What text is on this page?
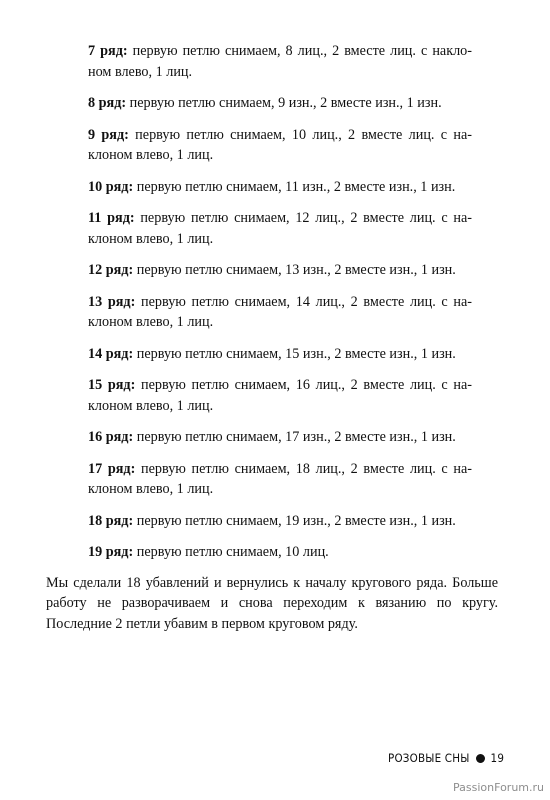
7 ряд: первую петлю снимаем, 8 лиц., 2 вместе лиц. с наклоном влево, 1 лиц.
8 ряд: первую петлю снимаем, 9 изн., 2 вместе изн., 1 изн.
9 ряд: первую петлю снимаем, 10 лиц., 2 вместе лиц. с наклоном влево, 1 лиц.
10 ряд: первую петлю снимаем, 11 изн., 2 вместе изн., 1 изн.
11 ряд: первую петлю снимаем, 12 лиц., 2 вместе лиц. с наклоном влево, 1 лиц.
12 ряд: первую петлю снимаем, 13 изн., 2 вместе изн., 1 изн.
13 ряд: первую петлю снимаем, 14 лиц., 2 вместе лиц. с наклоном влево, 1 лиц.
14 ряд: первую петлю снимаем, 15 изн., 2 вместе изн., 1 изн.
15 ряд: первую петлю снимаем, 16 лиц., 2 вместе лиц. с наклоном влево, 1 лиц.
16 ряд: первую петлю снимаем, 17 изн., 2 вместе изн., 1 изн.
17 ряд: первую петлю снимаем, 18 лиц., 2 вместе лиц. с наклоном влево, 1 лиц.
18 ряд: первую петлю снимаем, 19 изн., 2 вместе изн., 1 изн.
19 ряд: первую петлю снимаем, 10 лиц.

Мы сделали 18 убавлений и вернулись к началу кругового ряда. Больше работу не разворачиваем и снова переходим к вязанию по кругу. Последние 2 петли убавим в первом круговом ряду.

РОЗОВЫЕ СНЫ 19
PassionForum.ru
